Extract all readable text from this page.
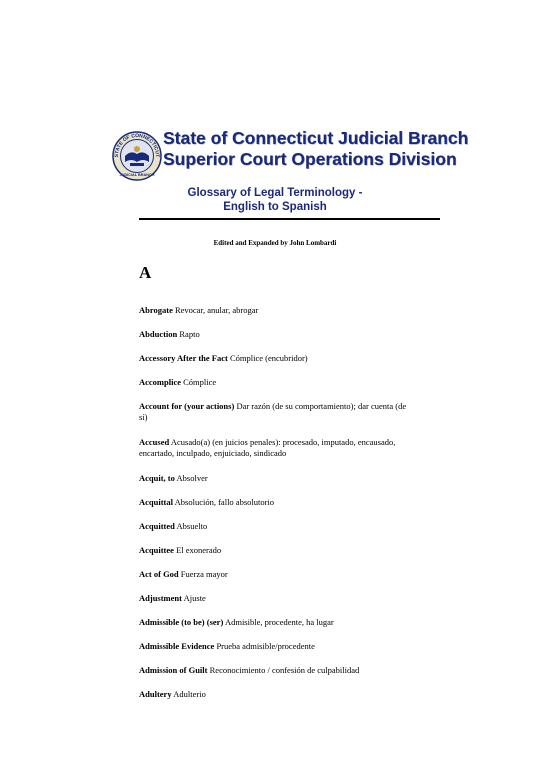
STATE OF CONNECTICUT
JUDICIAL BRANCH
State of Connecticut Judicial Branch
Superior Court Operations Division
Glossary of Legal Terminology -
English to Spanish
Edited and Expanded by John Lombardi
A
Abrogate Revocar, anular, abrogar
Abduction Rapto
Accessory After the Fact Cómplice (encubridor)
Accomplice Cómplice
Account for (your actions) Dar razón (de su comportamiento); dar cuenta (de sí)
Accused Acusado(a) (en juicios penales): procesado, imputado, encausado, encartado, inculpado, enjuiciado, sindicado
Acquit, to Absolver
Acquittal Absolución, fallo absolutorio
Acquitted Absuelto
Acquittee El exonerado
Act of God Fuerza mayor
Adjustment Ajuste
Admissible (to be) (ser) Admisible, procedente, ha lugar
Admissible Evidence Prueba admisible/procedente
Admission of Guilt Reconocimiento / confesión de culpabilidad
Adultery Adulterio
